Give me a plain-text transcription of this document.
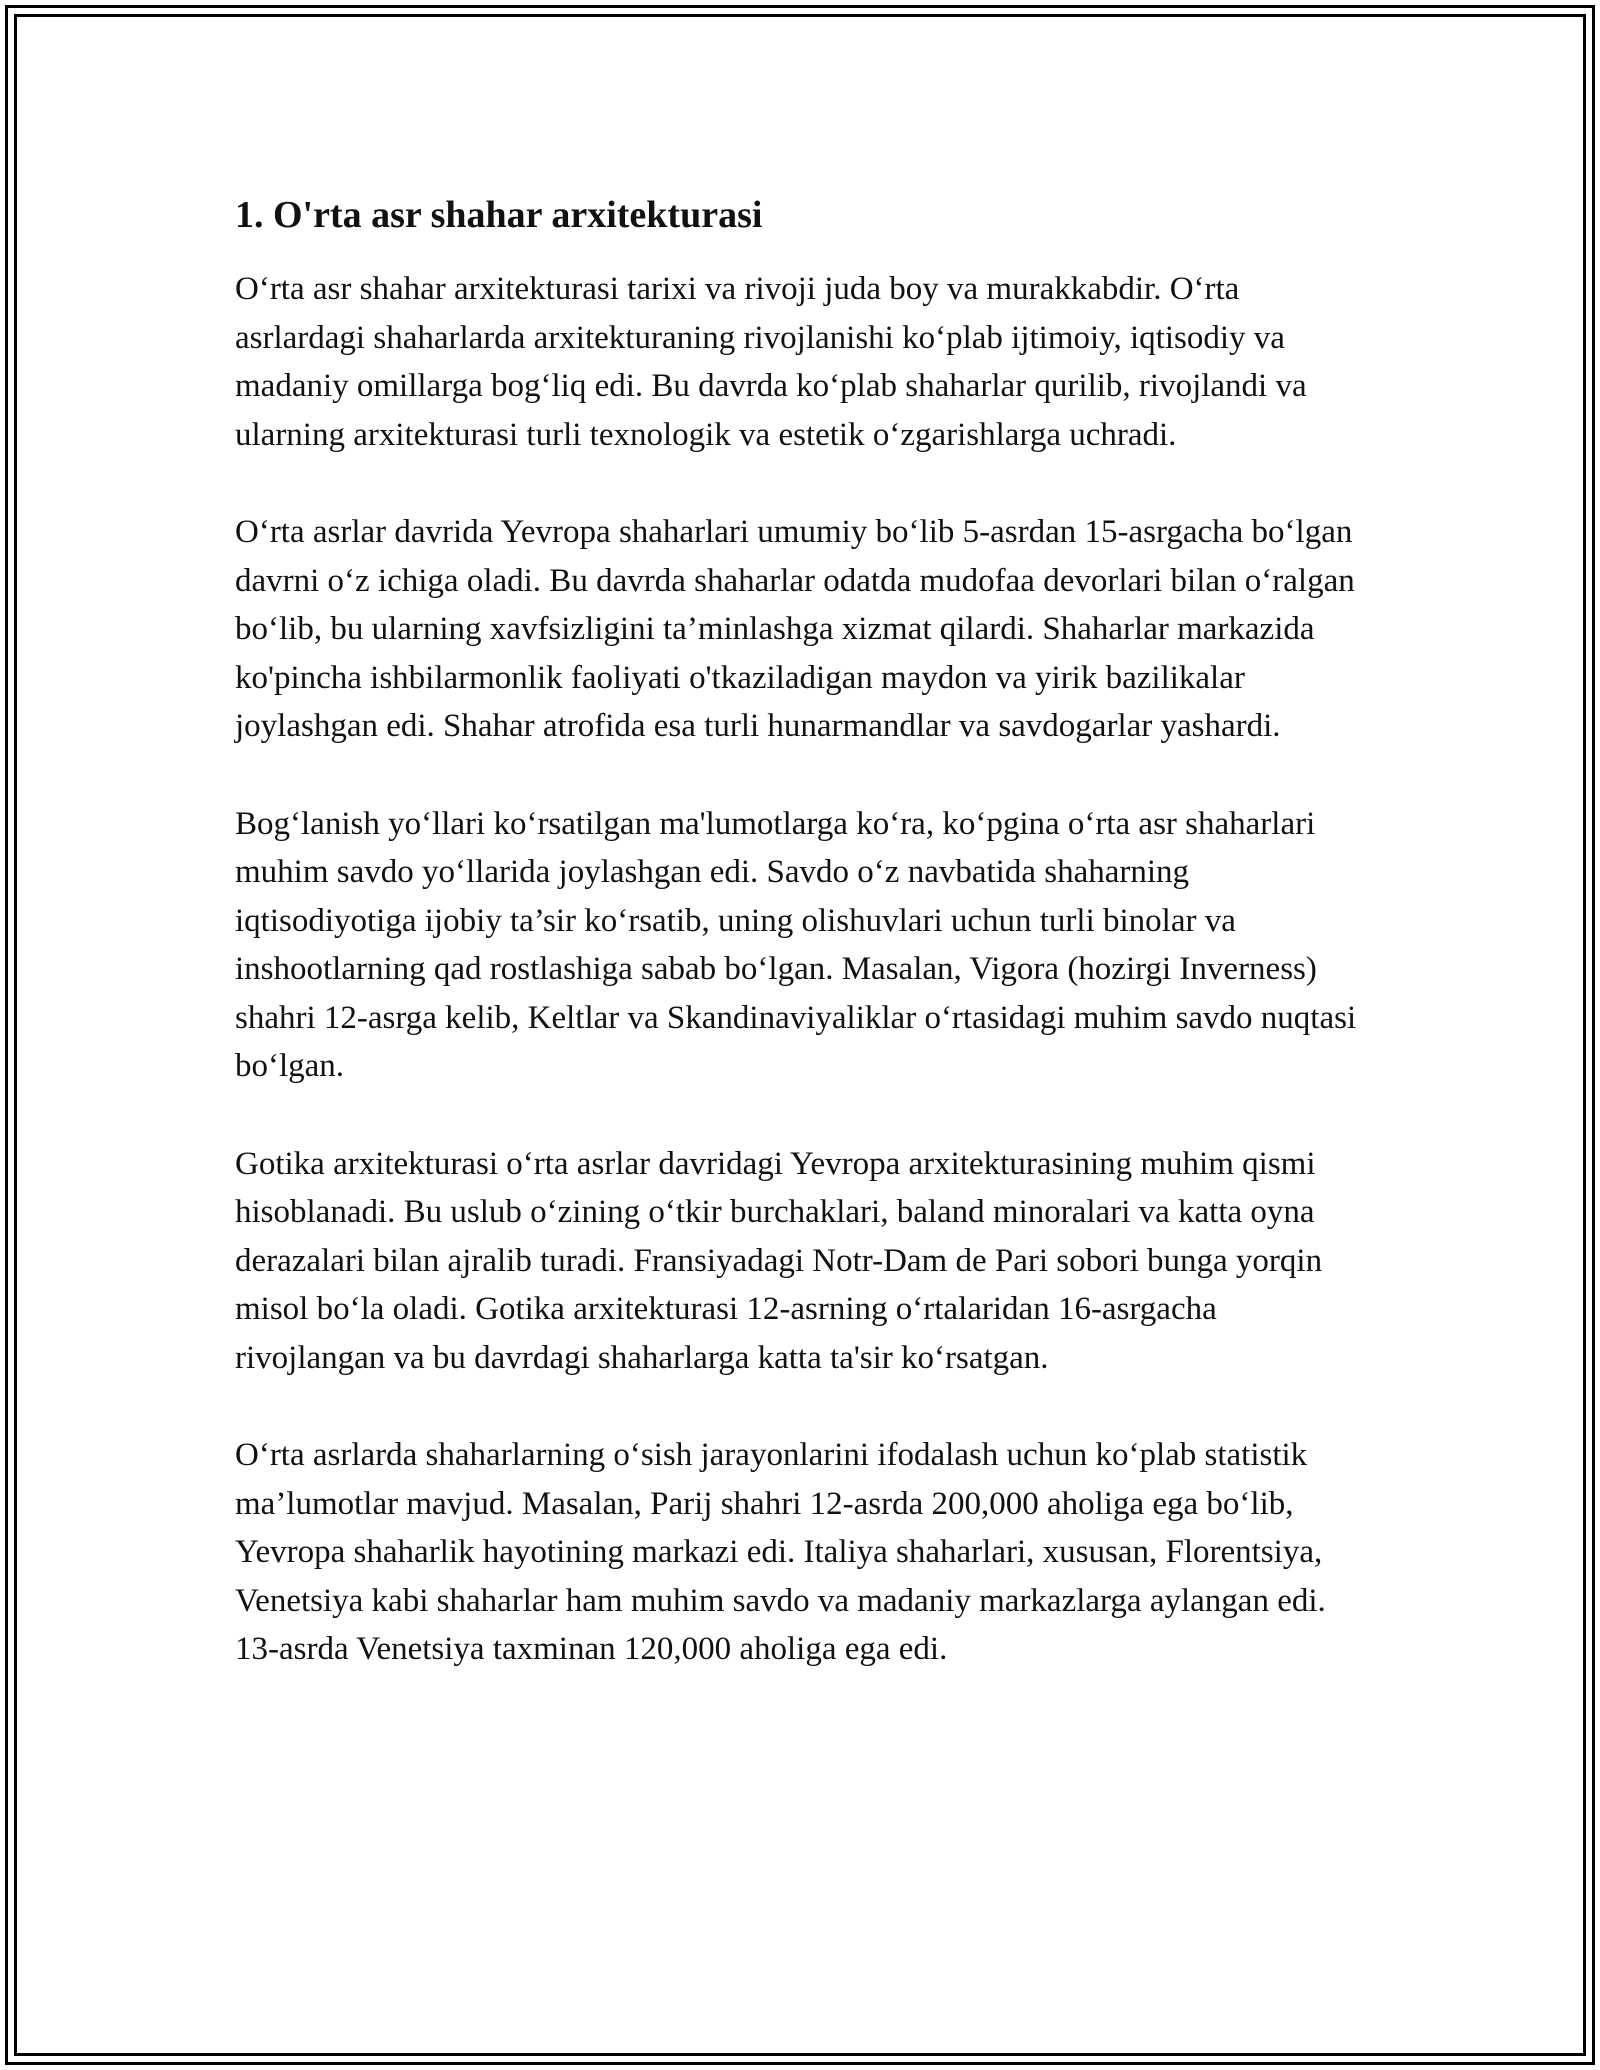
1. O'rta asr shahar arxitekturasi

O‘rta asr shahar arxitekturasi tarixi va rivoji juda boy va murakkabdir. O‘rta asrlardagi shaharlarda arxitekturaning rivojlanishi ko‘plab ijtimoiy, iqtisodiy va madaniy omillarga bog‘liq edi. Bu davrda ko‘plab shaharlar qurilib, rivojlandi va ularning arxitekturasi turli texnologik va estetik o‘zgarishlarga uchradi.

O‘rta asrlar davrida Yevropa shaharlari umumiy bo‘lib 5-asrdan 15-asrgacha bo‘lgan davrni o‘z ichiga oladi. Bu davrda shaharlar odatda mudofaa devorlari bilan o‘ralgan bo‘lib, bu ularning xavfsizligini ta’minlashga xizmat qilardi. Shaharlar markazida ko'pincha ishbilarmonlik faoliyati o'tkaziladigan maydon va yirik bazilikalar joylashgan edi. Shahar atrofida esa turli hunarmandlar va savdogarlar yashardi.

Bog‘lanish yo‘llari ko‘rsatilgan ma'lumotlarga ko‘ra, ko‘pgina o‘rta asr shaharlari muhim savdo yo‘llarida joylashgan edi. Savdo o‘z navbatida shaharning iqtisodiyotiga ijobiy ta’sir ko‘rsatib, uning olishuvlari uchun turli binolar va inshootlarning qad rostlashiga sabab bo‘lgan. Masalan, Vigora (hozirgi Inverness) shahri 12-asrga kelib, Keltlar va Skandinaviyaliklar o‘rtasidagi muhim savdo nuqtasi bo‘lgan.

Gotika arxitekturasi o‘rta asrlar davridagi Yevropa arxitekturasining muhim qismi hisoblanadi. Bu uslub o‘zining o‘tkir burchaklari, baland minoralari va katta oyna derazalari bilan ajralib turadi. Fransiyadagi Notr-Dam de Pari sobori bunga yorqin misol bo‘la oladi. Gotika arxitekturasi 12-asrning o‘rtalaridan 16-asrgacha rivojlangan va bu davrdagi shaharlarga katta ta'sir ko‘rsatgan.

O‘rta asrlarda shaharlarning o‘sish jarayonlarini ifodalash uchun ko‘plab statistik ma’lumotlar mavjud. Masalan, Parij shahri 12-asrda 200,000 aholiga ega bo‘lib, Yevropa shaharlik hayotining markazi edi. Italiya shaharlari, xususan, Florentsiya, Venetsiya kabi shaharlar ham muhim savdo va madaniy markazlarga aylangan edi. 13-asrda Venetsiya taxminan 120,000 aholiga ega edi.
